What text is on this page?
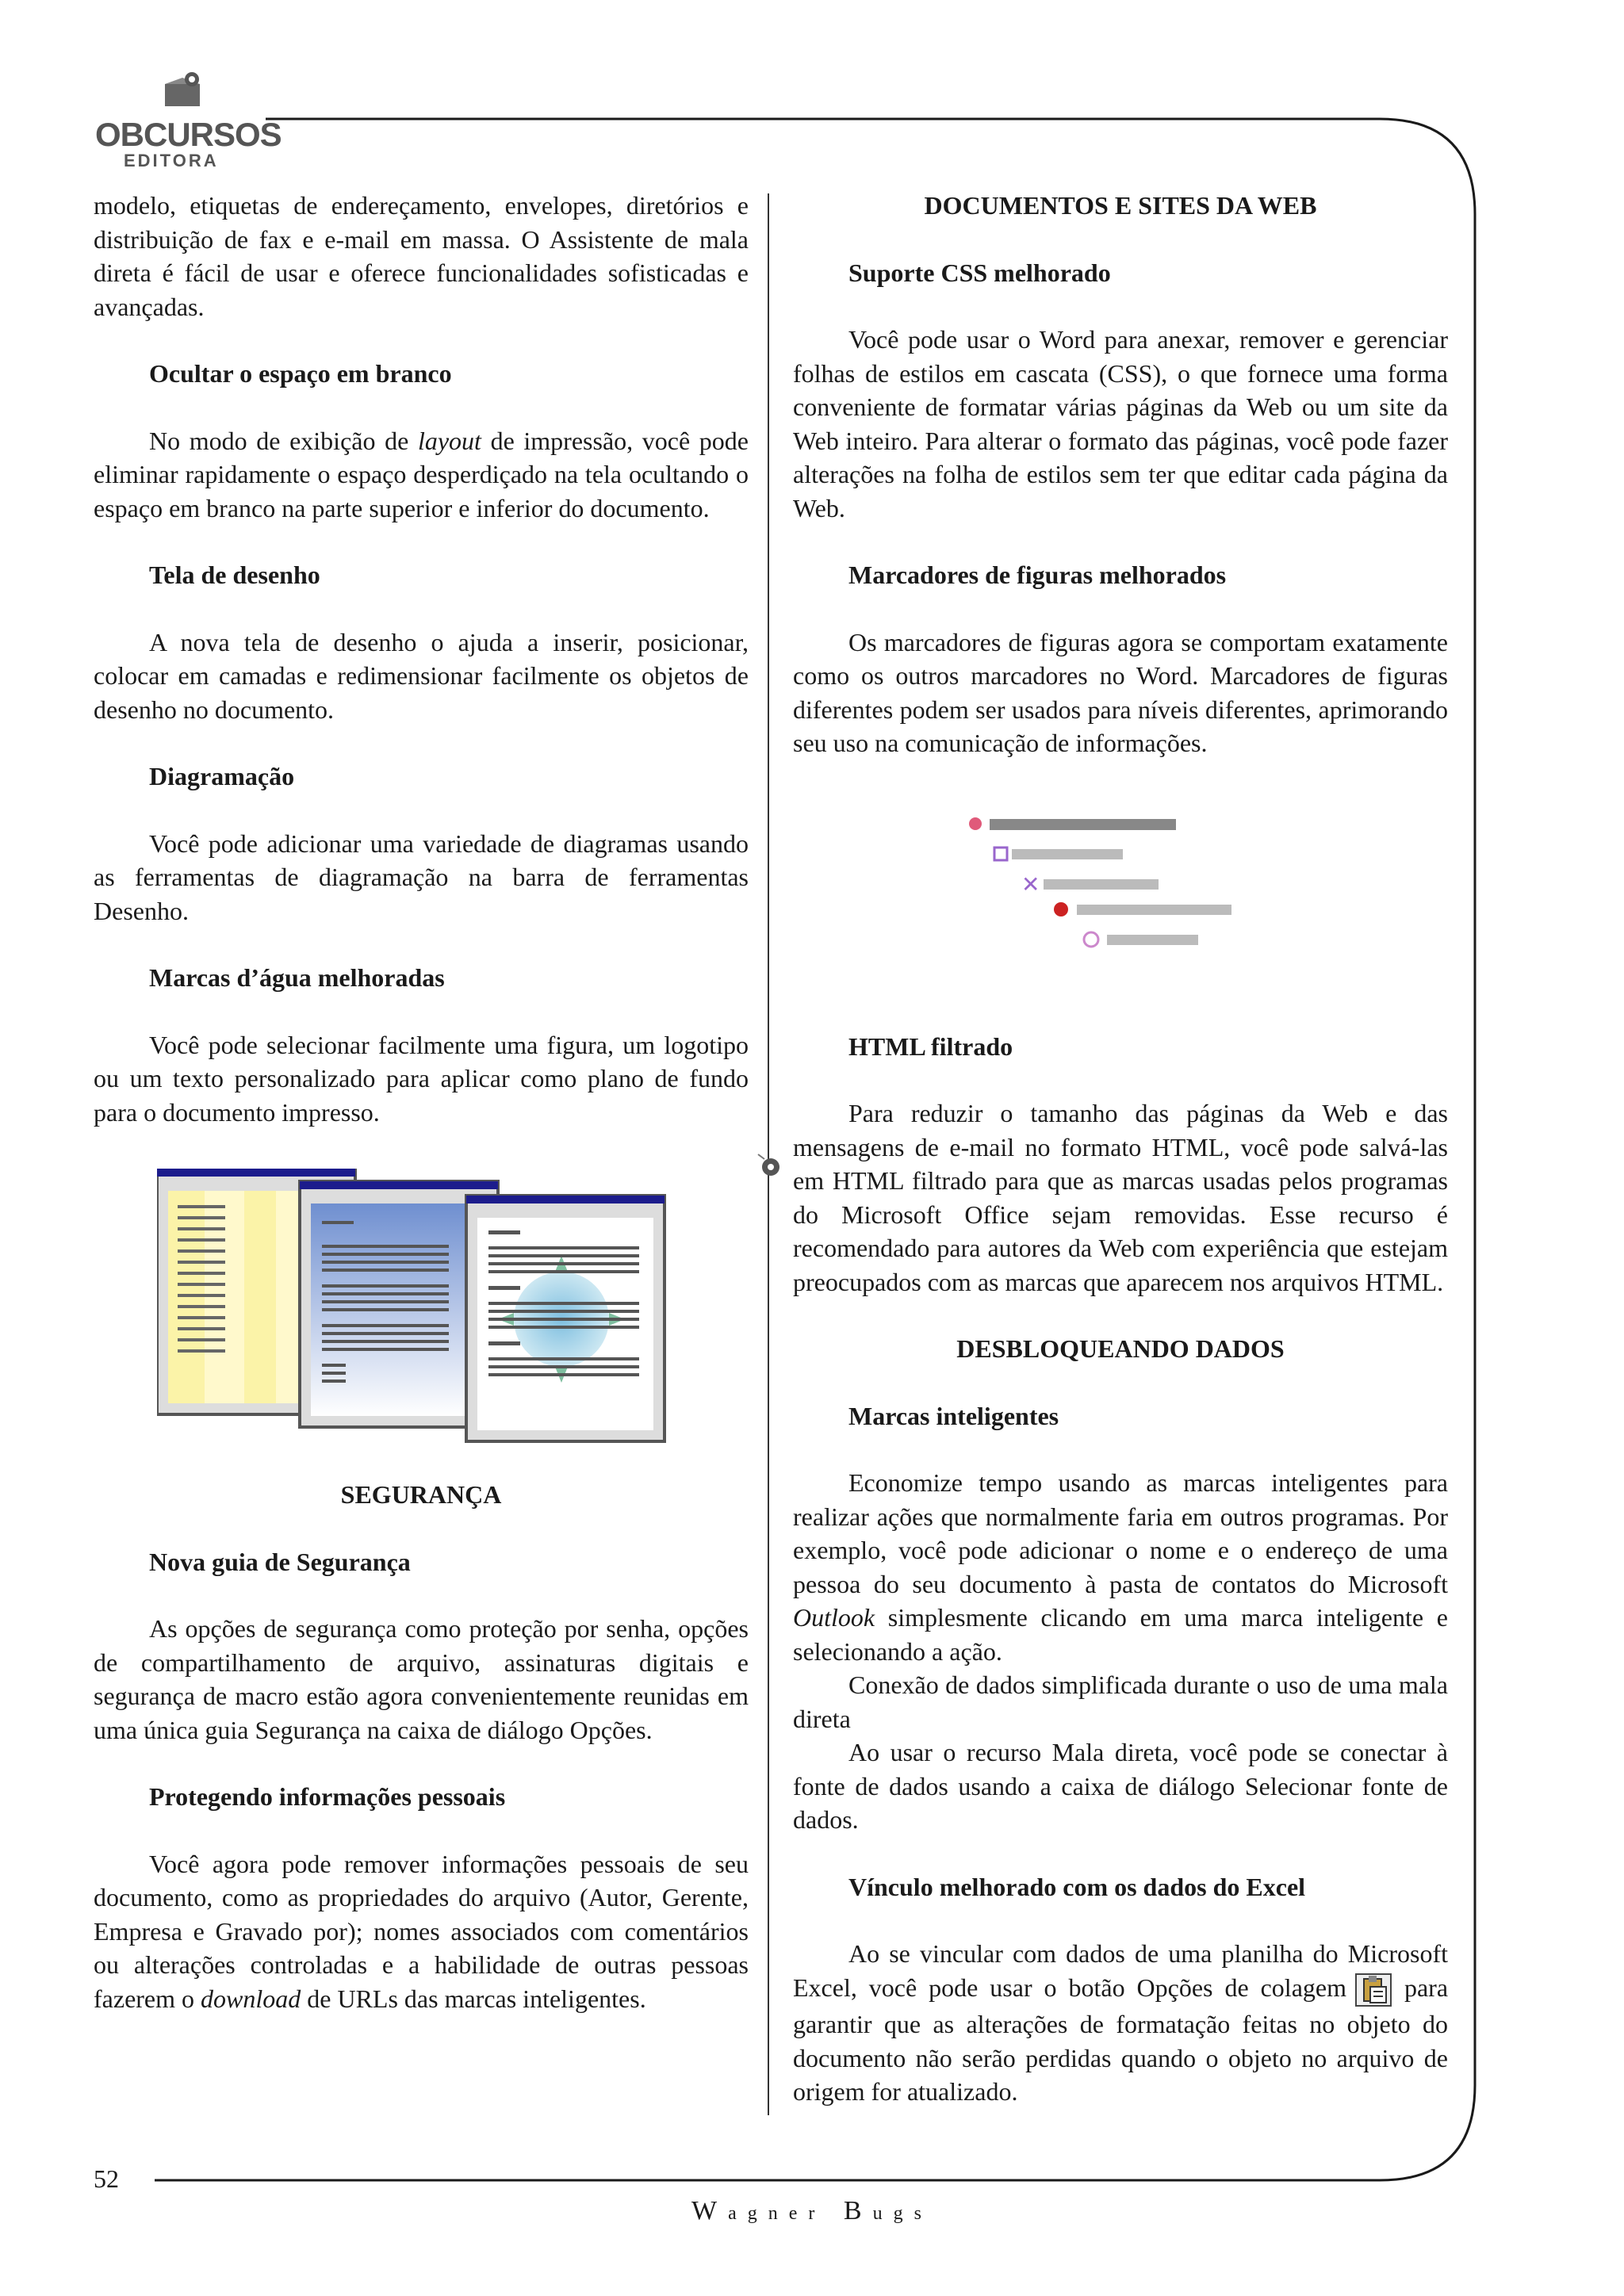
OBCURSOS
EDITORA

modelo, etiquetas de endereçamento, envelopes, diretórios e distribuição de fax e e-mail em massa. O Assistente de mala direta é fácil de usar e oferece funcionalidades sofisticadas e avançadas.

Ocultar o espaço em branco

No modo de exibição de layout de impressão, você pode eliminar rapidamente o espaço desperdiçado na tela ocultando o espaço em branco na parte superior e inferior do documento.

Tela de desenho

A nova tela de desenho o ajuda a inserir, posicionar, colocar em camadas e redimensionar facilmente os objetos de desenho no documento.

Diagramação

Você pode adicionar uma variedade de diagramas usando as ferramentas de diagramação na barra de ferramentas Desenho.

Marcas d’água melhoradas

Você pode selecionar facilmente uma figura, um logotipo ou um texto personalizado para aplicar como plano de fundo para o documento impresso.

SEGURANÇA
Nova guia de Segurança

As opções de segurança como proteção por senha, opções de compartilhamento de arquivo, assinaturas digitais e segurança de macro estão agora convenientemente reunidas em uma única guia Segurança na caixa de diálogo Opções.

Protegendo informações pessoais

Você agora pode remover informações pessoais de seu documento, como as propriedades do arquivo (Autor, Gerente, Empresa e Gravado por); nomes associados com comentários ou alterações controladas e a habilidade de outras pessoas fazerem o download de URLs das marcas inteligentes.

DOCUMENTOS E SITES DA WEB
Suporte CSS melhorado

Você pode usar o Word para anexar, remover e gerenciar folhas de estilos em cascata (CSS), o que fornece uma forma conveniente de formatar várias páginas da Web ou um site da Web inteiro. Para alterar o formato das páginas, você pode fazer alterações na folha de estilos sem ter que editar cada página da Web.

Marcadores de figuras melhorados

Os marcadores de figuras agora se comportam exatamente como os outros marcadores no Word. Marcadores de figuras diferentes podem ser usados para níveis diferentes, aprimorando seu uso na comunicação de informações.

✕
HTML filtrado

Para reduzir o tamanho das páginas da Web e das mensagens de e-mail no formato HTML, você pode salvá-las em HTML filtrado para que as marcas usadas pelos programas do Microsoft Office sejam removidas. Esse recurso é recomendado para autores da Web com experiência que estejam preocupados com as marcas que aparecem nos arquivos HTML.

DESBLOQUEANDO DADOS
Marcas inteligentes

Economize tempo usando as marcas inteligentes para realizar ações que normalmente faria em outros programas. Por exemplo, você pode adicionar o nome e o endereço de uma pessoa do seu documento à pasta de contatos do Microsoft Outlook simplesmente clicando em uma marca inteligente e selecionando a ação.

Conexão de dados simplificada durante o uso de uma mala direta

Ao usar o recurso Mala direta, você pode se conectar à fonte de dados usando a caixa de diálogo Selecionar fonte de dados.

Vínculo melhorado com os dados do Excel

Ao se vincular com dados de uma planilha do Microsoft Excel, você pode usar o botão Opções de colagem para garantir que as alterações de formatação feitas no objeto do documento não serão perdidas quando o objeto no arquivo de origem for atualizado.

52
Wagner Bugs
